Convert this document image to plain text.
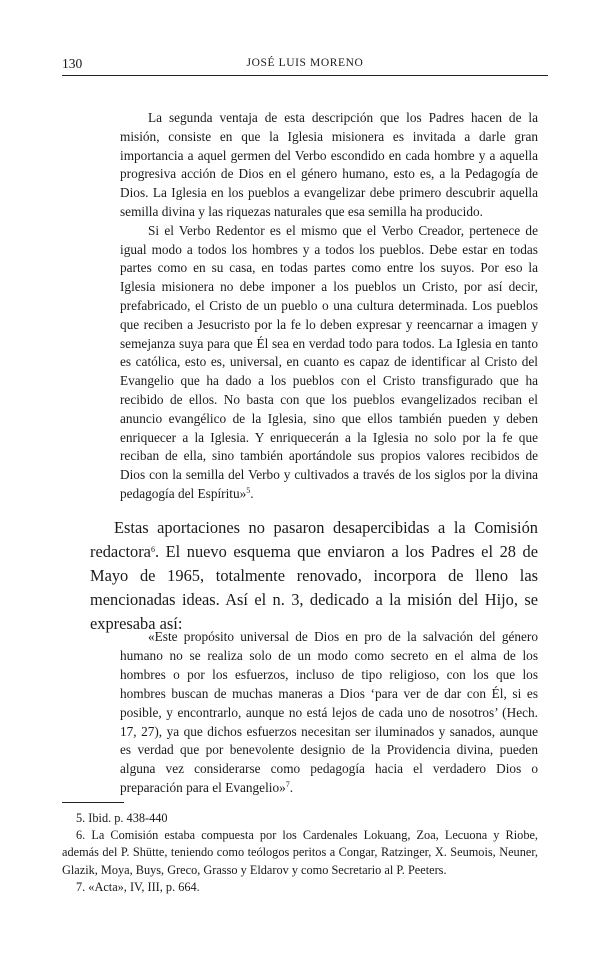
130	JOSÉ LUIS MORENO

La segunda ventaja de esta descripción que los Padres hacen de la misión, consiste en que la Iglesia misionera es invitada a darle gran importancia a aquel germen del Verbo escondido en cada hombre y a aquella progresiva acción de Dios en el género humano, esto es, a la Pedagogía de Dios. La Iglesia en los pueblos a evangelizar debe primero descubrir aquella semilla divina y las riquezas naturales que esa semilla ha producido.

Si el Verbo Redentor es el mismo que el Verbo Creador, pertenece de igual modo a todos los hombres y a todos los pueblos. Debe estar en todas partes como en su casa, en todas partes como entre los suyos. Por eso la Iglesia misionera no debe imponer a los pueblos un Cristo, por así decir, prefabricado, el Cristo de un pueblo o una cultura determinada. Los pueblos que reciben a Jesucristo por la fe lo deben expresar y reencarnar a imagen y semejanza suya para que Él sea en verdad todo para todos. La Iglesia en tanto es católica, esto es, universal, en cuanto es capaz de identificar al Cristo del Evangelio que ha dado a los pueblos con el Cristo transfigurado que ha recibido de ellos. No basta con que los pueblos evangelizados reciban el anuncio evangélico de la Iglesia, sino que ellos también pueden y deben enriquecer a la Iglesia. Y enriquecerán a la Iglesia no solo por la fe que reciban de ella, sino también aportándole sus propios valores recibidos de Dios con la semilla del Verbo y cultivados a través de los siglos por la divina pedagogía del Espíritu»$^5$.

Estas aportaciones no pasaron desapercibidas a la Comisión redactora$^6$. El nuevo esquema que enviaron a los Padres el 28 de Mayo de 1965, totalmente renovado, incorpora de lleno las mencionadas ideas. Así el n. 3, dedicado a la misión del Hijo, se expresaba así:

«Este propósito universal de Dios en pro de la salvación del género humano no se realiza solo de un modo como secreto en el alma de los hombres o por los esfuerzos, incluso de tipo religioso, con los que los hombres buscan de muchas maneras a Dios ‘para ver de dar con Él, si es posible, y encontrarlo, aunque no está lejos de cada uno de nosotros’ (Hech. 17, 27), ya que dichos esfuerzos necesitan ser iluminados y sanados, aunque es verdad que por benevolente designio de la Providencia divina, pueden alguna vez considerarse como pedagogía hacia el verdadero Dios o preparación para el Evangelio»$^7$.

5. Ibid. p. 438-440

6. La Comisión estaba compuesta por los Cardenales Lokuang, Zoa, Lecuona y Riobe, además del P. Shütte, teniendo como teólogos peritos a Congar, Ratzinger, X. Seumois, Neuner, Glazik, Moya, Buys, Greco, Grasso y Eldarov y como Secretario al P. Peeters.

7. «Acta», IV, III, p. 664.
